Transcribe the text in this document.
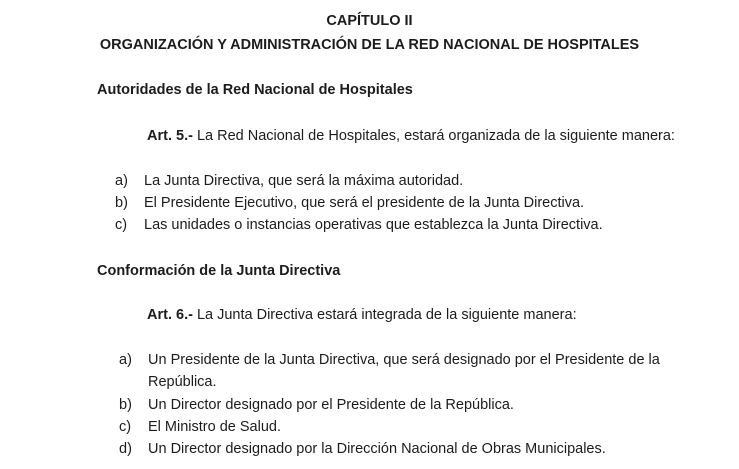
CAPÍTULO II
ORGANIZACIÓN Y ADMINISTRACIÓN DE LA RED NACIONAL DE HOSPITALES
Autoridades de la Red Nacional de Hospitales
Art. 5.- La Red Nacional de Hospitales, estará organizada de la siguiente manera:
a) La Junta Directiva, que será la máxima autoridad.
b) El Presidente Ejecutivo, que será el presidente de la Junta Directiva.
c) Las unidades o instancias operativas que establezca la Junta Directiva.
Conformación de la Junta Directiva
Art. 6.- La Junta Directiva estará integrada de la siguiente manera:
a) Un Presidente de la Junta Directiva, que será designado por el Presidente de la
República.
b) Un Director designado por el Presidente de la República.
c) El Ministro de Salud.
d) Un Director designado por la Dirección Nacional de Obras Municipales.
